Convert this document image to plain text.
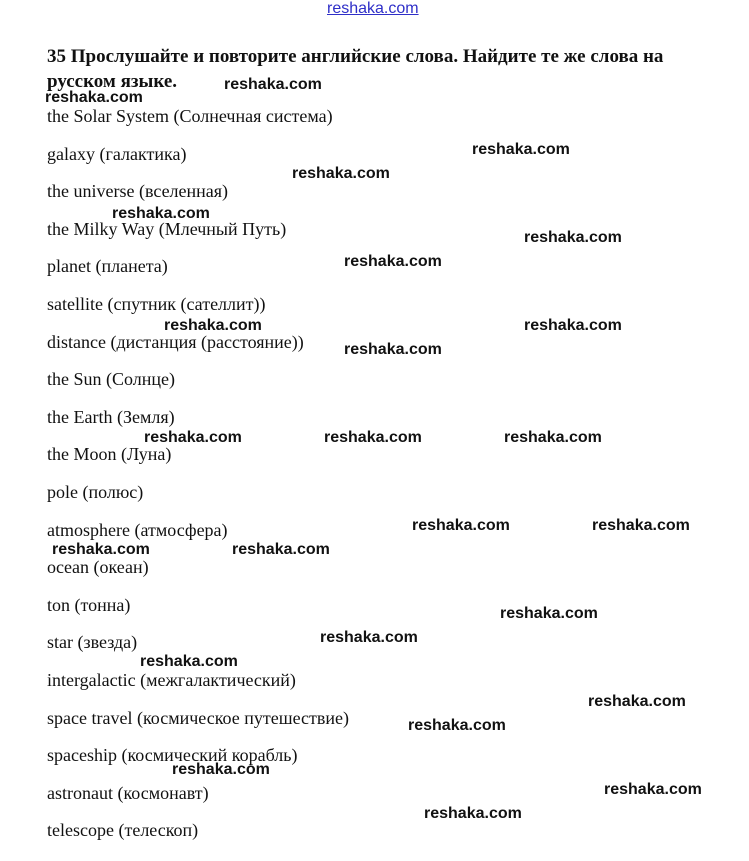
reshaka.com
35 Прослушайте и повторите английские слова. Найдите те же слова на русском языке.
the Solar System (Солнечная система)
galaxy (галактика)
the universe (вселенная)
the Milky Way (Млечный Путь)
planet (планета)
satellite (спутник (сателлит))
distance (дистанция (расстояние))
the Sun (Солнце)
the Earth (Земля)
the Moon (Луна)
pole (полюс)
atmosphere (атмосфера)
ocean (океан)
ton (тонна)
star (звезда)
intergalactic (межгалактический)
space travel (космическое путешествие)
spaceship (космический корабль)
astronaut (космонавт)
telescope (телескоп)
reshaka.com
reshaka.com
reshaka.com
reshaka.com
reshaka.com
reshaka.com
reshaka.com
reshaka.com	reshaka.com
reshaka.com
reshaka.com	reshaka.com	reshaka.com
reshaka.com	reshaka.com
reshaka.com	reshaka.com
reshaka.com
reshaka.com
reshaka.com
reshaka.com
reshaka.com
reshaka.com
reshaka.com
reshaka.com
